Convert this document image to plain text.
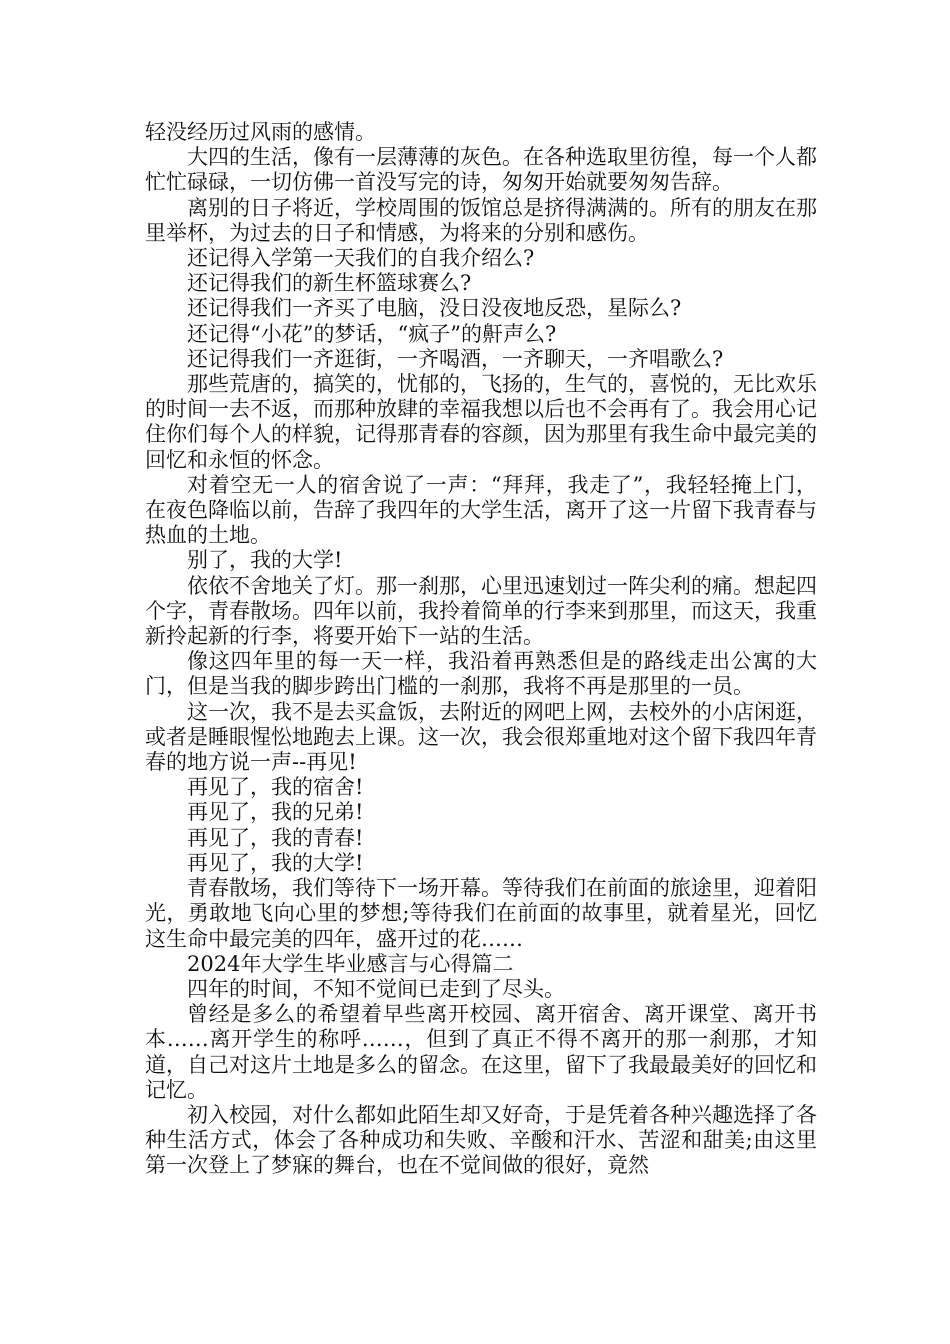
轻没经历过风雨的感情。

大四的生活，像有一层薄薄的灰色。在各种选取里彷徨，每一个人都忙忙碌碌，一切仿佛一首没写完的诗，匆匆开始就要匆匆告辞。

离别的日子将近，学校周围的饭馆总是挤得满满的。所有的朋友在那里举杯，为过去的日子和情感，为将来的分别和感伤。

还记得入学第一天我们的自我介绍么?

还记得我们的新生杯篮球赛么?

还记得我们一齐买了电脑，没日没夜地反恐，星际么?

还记得“小花”的梦话，“疯子”的鼾声么?

还记得我们一齐逛街，一齐喝酒，一齐聊天，一齐唱歌么?

那些荒唐的，搞笑的，忧郁的，飞扬的，生气的，喜悦的，无比欢乐的时间一去不返，而那种放肆的幸福我想以后也不会再有了。我会用心记住你们每个人的样貌，记得那青春的容颜，因为那里有我生命中最完美的回忆和永恒的怀念。

对着空无一人的宿舍说了一声：“拜拜，我走了”，我轻轻掩上门，在夜色降临以前，告辞了我四年的大学生活，离开了这一片留下我青春与热血的土地。

别了，我的大学!

依依不舍地关了灯。那一刹那，心里迅速划过一阵尖利的痛。想起四个字，青春散场。四年以前，我拎着简单的行李来到那里，而这天，我重新拎起新的行李，将要开始下一站的生活。

像这四年里的每一天一样，我沿着再熟悉但是的路线走出公寓的大门，但是当我的脚步跨出门槛的一刹那，我将不再是那里的一员。

这一次，我不是去买盒饭，去附近的网吧上网，去校外的小店闲逛，或者是睡眼惺忪地跑去上课。这一次，我会很郑重地对这个留下我四年青春的地方说一声--再见!

再见了，我的宿舍!

再见了，我的兄弟!

再见了，我的青春!

再见了，我的大学!

青春散场，我们等待下一场开幕。等待我们在前面的旅途里，迎着阳光，勇敢地飞向心里的梦想;等待我们在前面的故事里，就着星光，回忆这生命中最完美的四年，盛开过的花……

2024年大学生毕业感言与心得篇二

四年的时间，不知不觉间已走到了尽头。

曾经是多么的希望着早些离开校园、离开宿舍、离开课堂、离开书本……离开学生的称呼……，但到了真正不得不离开的那一刹那，才知道，自己对这片土地是多么的留念。在这里，留下了我最最美好的回忆和记忆。

初入校园，对什么都如此陌生却又好奇，于是凭着各种兴趣选择了各种生活方式，体会了各种成功和失败、辛酸和汗水、苦涩和甜美;由这里第一次登上了梦寐的舞台，也在不觉间做的很好，竟然
